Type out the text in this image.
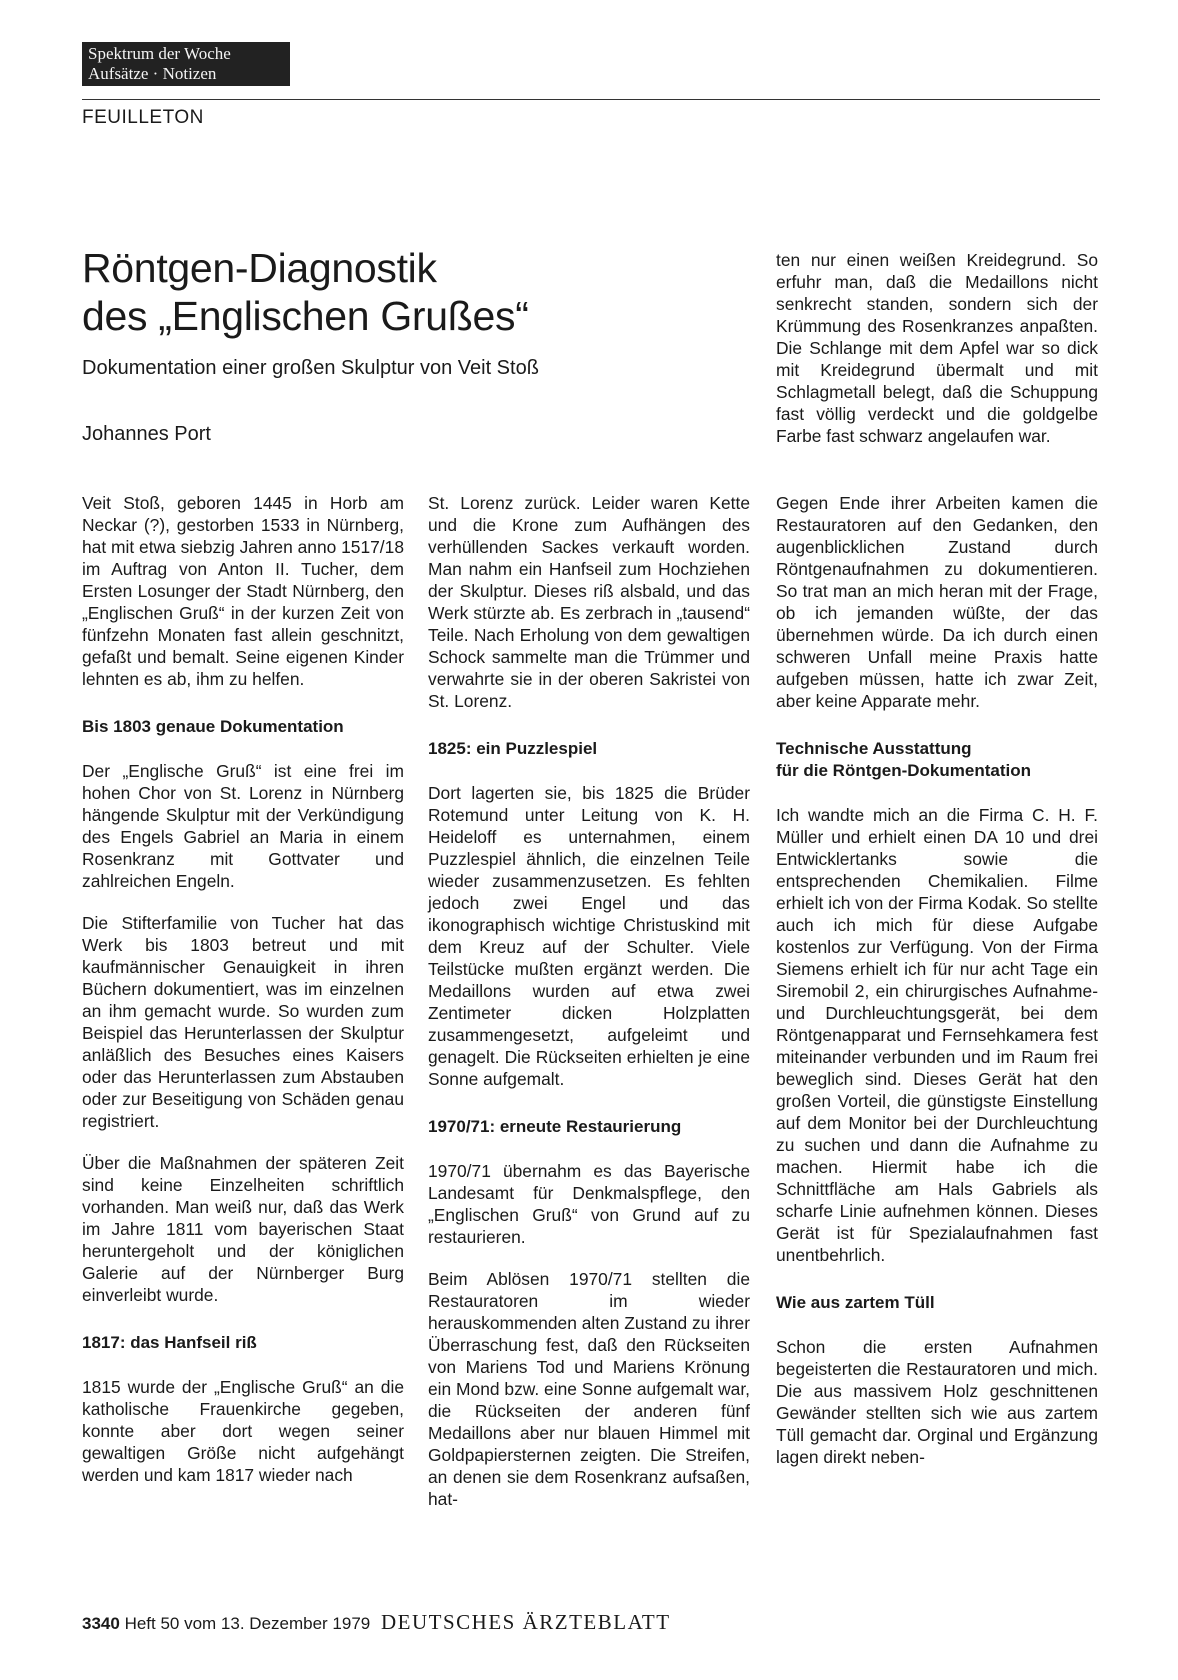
Spektrum der Woche
Aufsätze · Notizen
FEUILLETON
Röntgen-Diagnostik
des „Englischen Grußes“
Dokumentation einer großen Skulptur von Veit Stoß
Johannes Port

ten nur einen weißen Kreidegrund. So erfuhr man, daß die Medaillons nicht senkrecht standen, sondern sich der Krümmung des Rosenkranzes anpaßten. Die Schlange mit dem Apfel war so dick mit Kreidegrund übermalt und mit Schlagmetall belegt, daß die Schuppung fast völlig verdeckt und die goldgelbe Farbe fast schwarz angelaufen war.

Veit Stoß, geboren 1445 in Horb am Neckar (?), gestorben 1533 in Nürnberg, hat mit etwa siebzig Jahren anno 1517/18 im Auftrag von Anton II. Tucher, dem Ersten Losunger der Stadt Nürnberg, den „Englischen Gruß“ in der kurzen Zeit von fünfzehn Monaten fast allein geschnitzt, gefaßt und bemalt. Seine eigenen Kinder lehnten es ab, ihm zu helfen.

Bis 1803 genaue Dokumentation

Der „Englische Gruß“ ist eine frei im hohen Chor von St. Lorenz in Nürnberg hängende Skulptur mit der Verkündigung des Engels Gabriel an Maria in einem Rosenkranz mit Gottvater und zahlreichen Engeln.

Die Stifterfamilie von Tucher hat das Werk bis 1803 betreut und mit kaufmännischer Genauigkeit in ihren Büchern dokumentiert, was im einzelnen an ihm gemacht wurde. So wurden zum Beispiel das Herunterlassen der Skulptur anläßlich des Besuches eines Kaisers oder das Herunterlassen zum Abstauben oder zur Beseitigung von Schäden genau registriert.

Über die Maßnahmen der späteren Zeit sind keine Einzelheiten schriftlich vorhanden. Man weiß nur, daß das Werk im Jahre 1811 vom bayerischen Staat heruntergeholt und der königlichen Galerie auf der Nürnberger Burg einverleibt wurde.

1817: das Hanfseil riß

1815 wurde der „Englische Gruß“ an die katholische Frauenkirche gegeben, konnte aber dort wegen seiner gewaltigen Größe nicht aufgehängt werden und kam 1817 wieder nach

St. Lorenz zurück. Leider waren Kette und die Krone zum Aufhängen des verhüllenden Sackes verkauft worden. Man nahm ein Hanfseil zum Hochziehen der Skulptur. Dieses riß alsbald, und das Werk stürzte ab. Es zerbrach in „tausend“ Teile. Nach Erholung von dem gewaltigen Schock sammelte man die Trümmer und verwahrte sie in der oberen Sakristei von St. Lorenz.

1825: ein Puzzlespiel

Dort lagerten sie, bis 1825 die Brüder Rotemund unter Leitung von K. H. Heideloff es unternahmen, einem Puzzlespiel ähnlich, die einzelnen Teile wieder zusammenzusetzen. Es fehlten jedoch zwei Engel und das ikonographisch wichtige Christuskind mit dem Kreuz auf der Schulter. Viele Teilstücke mußten ergänzt werden. Die Medaillons wurden auf etwa zwei Zentimeter dicken Holzplatten zusammengesetzt, aufgeleimt und genagelt. Die Rückseiten erhielten je eine Sonne aufgemalt.

1970/71: erneute Restaurierung

1970/71 übernahm es das Bayerische Landesamt für Denkmalspflege, den „Englischen Gruß“ von Grund auf zu restaurieren.

Beim Ablösen 1970/71 stellten die Restauratoren im wieder herauskommenden alten Zustand zu ihrer Überraschung fest, daß den Rückseiten von Mariens Tod und Mariens Krönung ein Mond bzw. eine Sonne aufgemalt war, die Rückseiten der anderen fünf Medaillons aber nur blauen Himmel mit Goldpapiersternen zeigten. Die Streifen, an denen sie dem Rosenkranz aufsaßen, hat-

Gegen Ende ihrer Arbeiten kamen die Restauratoren auf den Gedanken, den augenblicklichen Zustand durch Röntgenaufnahmen zu dokumentieren. So trat man an mich heran mit der Frage, ob ich jemanden wüßte, der das übernehmen würde. Da ich durch einen schweren Unfall meine Praxis hatte aufgeben müssen, hatte ich zwar Zeit, aber keine Apparate mehr.

Technische Ausstattung
für die Röntgen-Dokumentation

Ich wandte mich an die Firma C. H. F. Müller und erhielt einen DA 10 und drei Entwicklertanks sowie die entsprechenden Chemikalien. Filme erhielt ich von der Firma Kodak. So stellte auch ich mich für diese Aufgabe kostenlos zur Verfügung. Von der Firma Siemens erhielt ich für nur acht Tage ein Siremobil 2, ein chirurgisches Aufnahme- und Durchleuchtungsgerät, bei dem Röntgenapparat und Fernsehkamera fest miteinander verbunden und im Raum frei beweglich sind. Dieses Gerät hat den großen Vorteil, die günstigste Einstellung auf dem Monitor bei der Durchleuchtung zu suchen und dann die Aufnahme zu machen. Hiermit habe ich die Schnittfläche am Hals Gabriels als scharfe Linie aufnehmen können. Dieses Gerät ist für Spezialaufnahmen fast unentbehrlich.

Wie aus zartem Tüll

Schon die ersten Aufnahmen begeisterten die Restauratoren und mich. Die aus massivem Holz geschnittenen Gewänder stellten sich wie aus zartem Tüll gemacht dar. Orginal und Ergänzung lagen direkt neben-

3340 Heft 50 vom 13. Dezember 1979 DEUTSCHES ÄRZTEBLATT
